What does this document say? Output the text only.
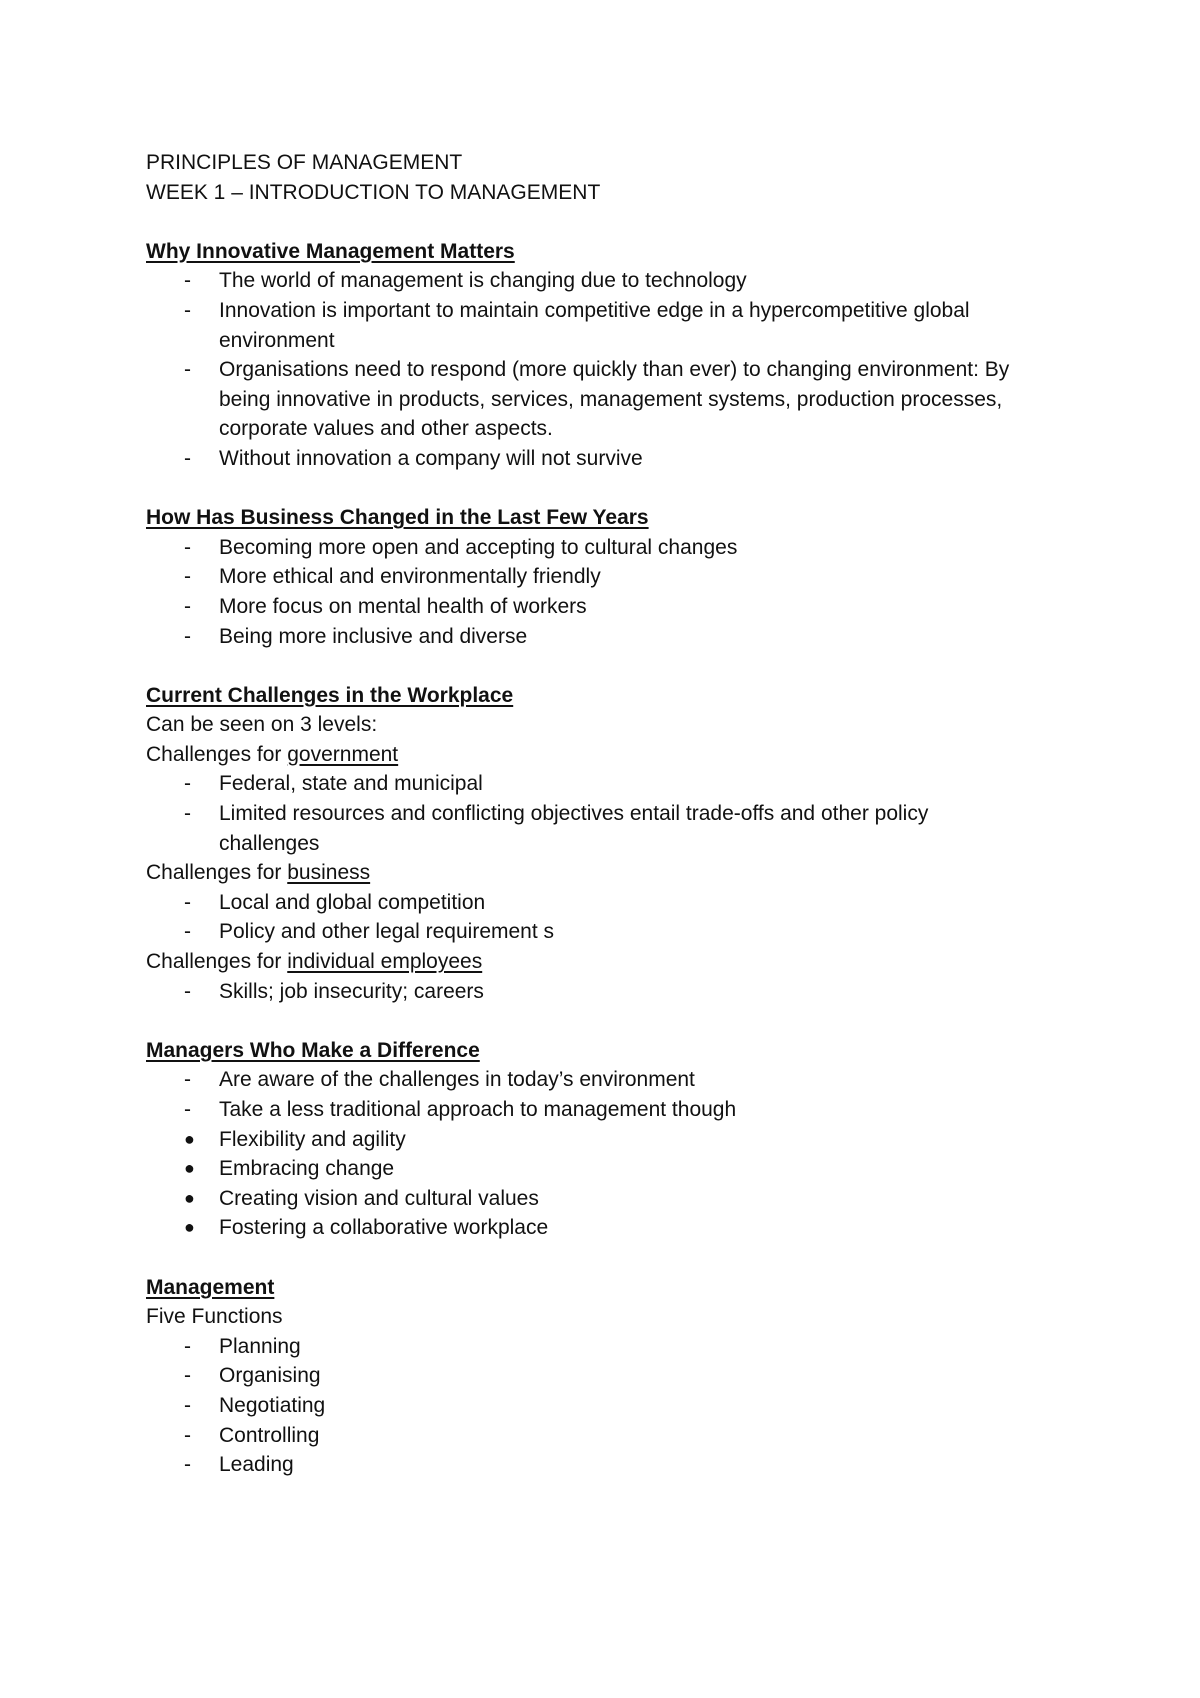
PRINCIPLES OF MANAGEMENT

WEEK 1 – INTRODUCTION TO MANAGEMENT

Why Innovative Management Matters

-	The world of management is changing due to technology
-	Innovation is important to maintain competitive edge in a hypercompetitive global
environment
-	Organisations need to respond (more quickly than ever) to changing environment: By
being innovative in products, services, management systems, production processes,
corporate values and other aspects.
-	Without innovation a company will not survive

How Has Business Changed in the Last Few Years

-	Becoming more open and accepting to cultural changes
-	More ethical and environmentally friendly
-	More focus on mental health of workers
-	Being more inclusive and diverse

Current Challenges in the Workplace

Can be seen on 3 levels:

Challenges for government

-	Federal, state and municipal
-	Limited resources and conflicting objectives entail trade-offs and other policy
challenges

Challenges for business

-	Local and global competition
-	Policy and other legal requirement s

Challenges for individual employees

-	Skills; job insecurity; careers

Managers Who Make a Difference

-	Are aware of the challenges in today’s environment
-	Take a less traditional approach to management though
●	Flexibility and agility
●	Embracing change
●	Creating vision and cultural values
●	Fostering a collaborative workplace

Management

Five Functions

-	Planning
-	Organising
-	Negotiating
-	Controlling
-	Leading
